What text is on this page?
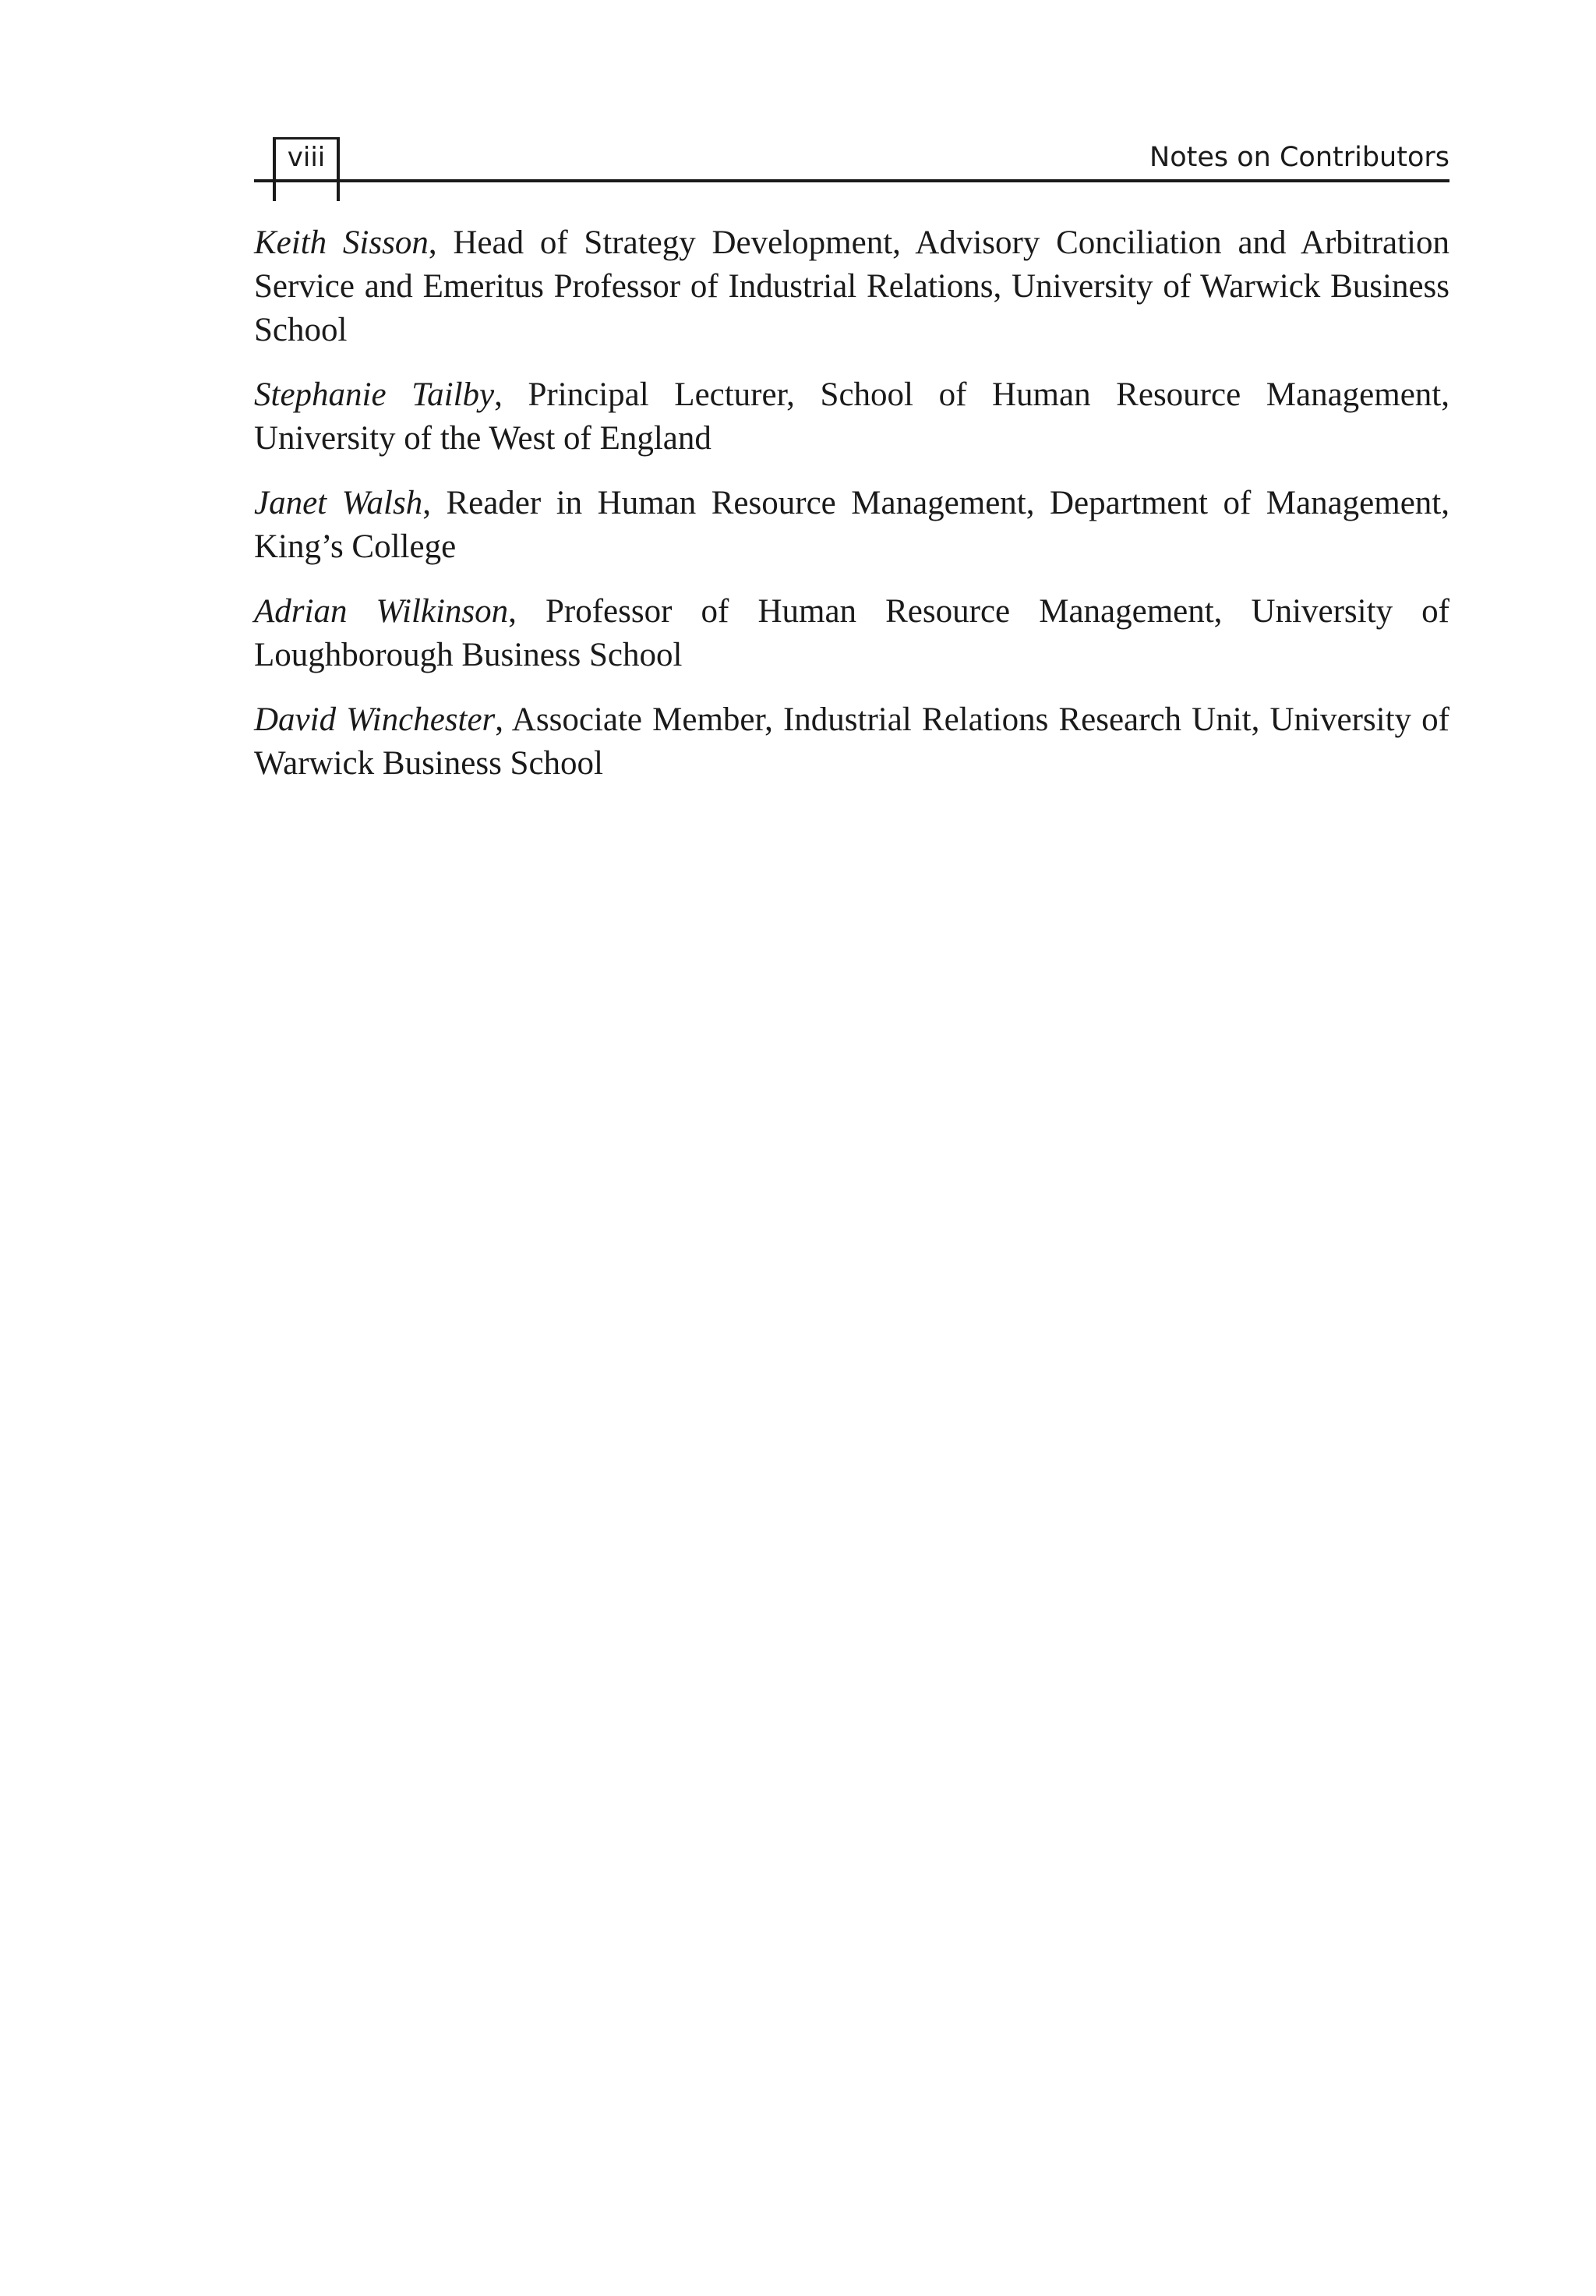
viii	Notes on Contributors

Keith Sisson, Head of Strategy Development, Advisory Conciliation and Arbitration Service and Emeritus Professor of Industrial Relations, University of Warwick Business School

Stephanie Tailby, Principal Lecturer, School of Human Resource Management, University of the West of England

Janet Walsh, Reader in Human Resource Management, Department of Management, King’s College

Adrian Wilkinson, Professor of Human Resource Management, University of Loughborough Business School

David Winchester, Associate Member, Industrial Relations Research Unit, University of Warwick Business School
